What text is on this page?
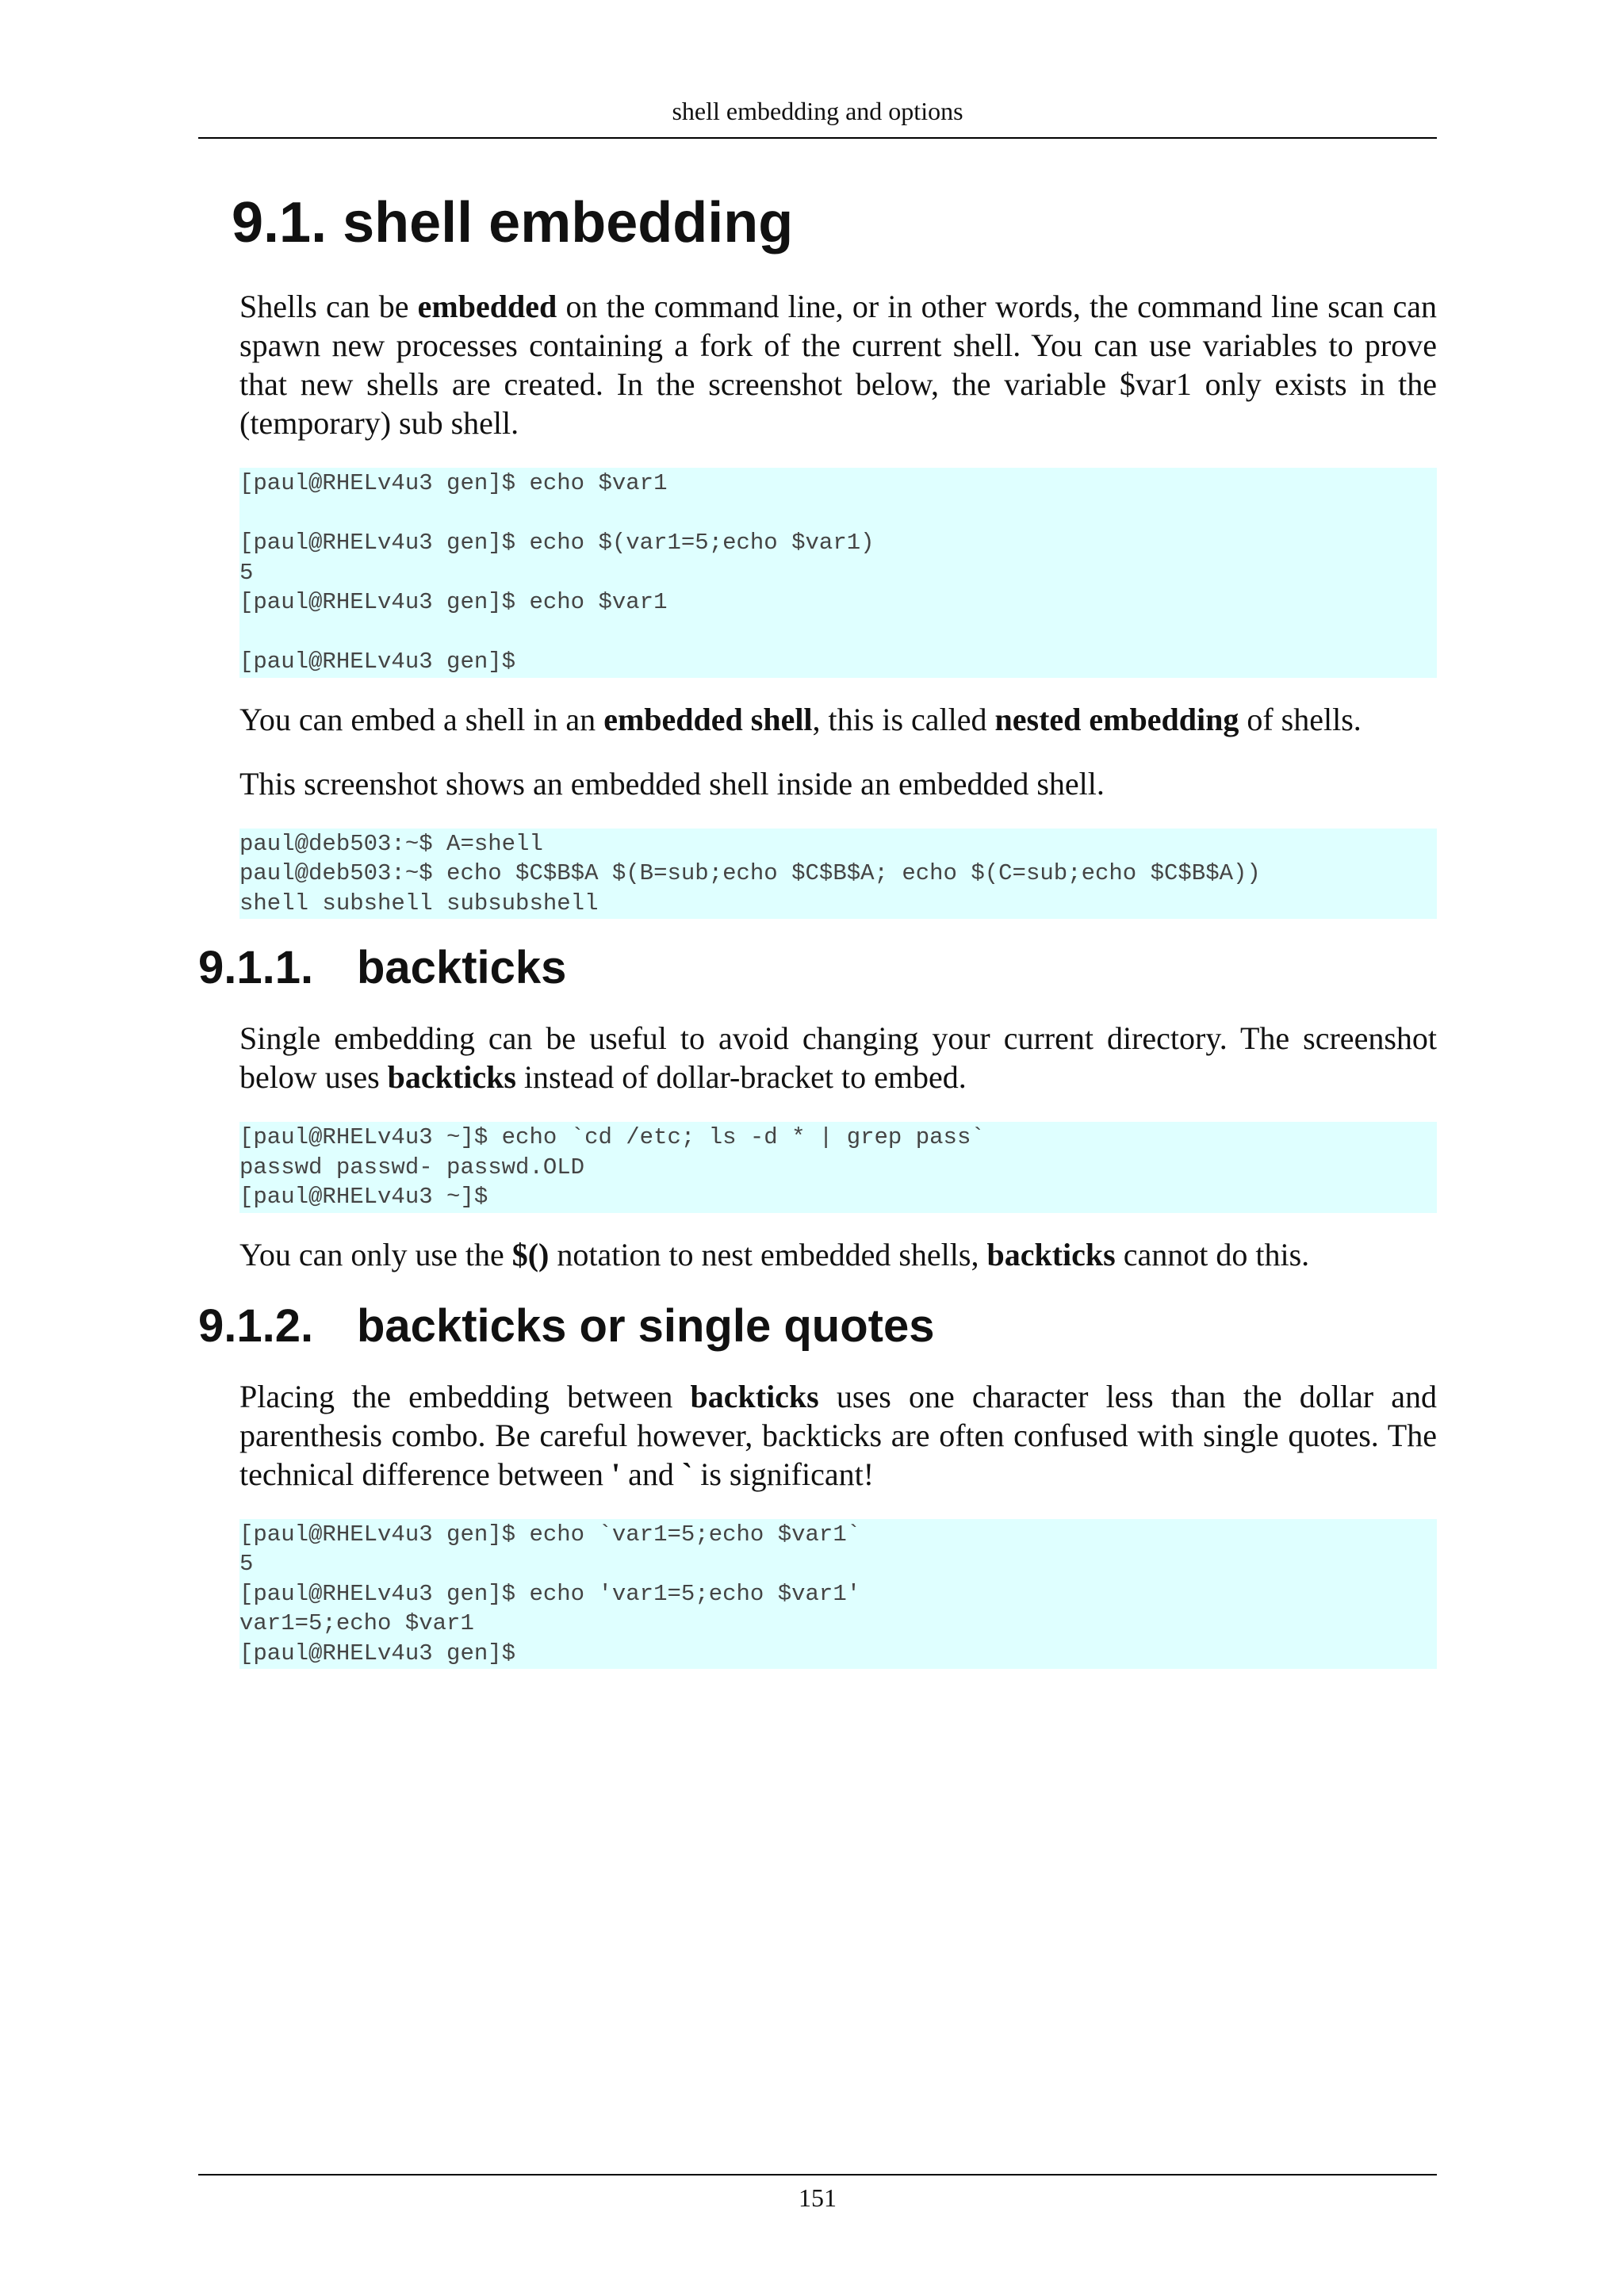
shell embedding and options
9.1. shell embedding

Shells can be embedded on the command line, or in other words, the command line scan can spawn new processes containing a fork of the current shell. You can use variables to prove that new shells are created. In the screenshot below, the variable $var1 only exists in the (temporary) sub shell.

[paul@RHELv4u3 gen]$ echo $var1
[paul@RHELv4u3 gen]$ echo $(var1=5;echo $var1)
5
[paul@RHELv4u3 gen]$ echo $var1
[paul@RHELv4u3 gen]$

You can embed a shell in an embedded shell, this is called nested embedding of shells.

This screenshot shows an embedded shell inside an embedded shell.

paul@deb503:~$ A=shell
paul@deb503:~$ echo $C$B$A $(B=sub;echo $C$B$A; echo $(C=sub;echo $C$B$A))
shell subshell subsubshell
9.1.1. backticks

Single embedding can be useful to avoid changing your current directory. The screenshot below uses backticks instead of dollar-bracket to embed.

[paul@RHELv4u3 ~]$ echo `cd /etc; ls -d * | grep pass`
passwd passwd- passwd.OLD
[paul@RHELv4u3 ~]$

You can only use the $() notation to nest embedded shells, backticks cannot do this.

9.1.2. backticks or single quotes

Placing the embedding between backticks uses one character less than the dollar and parenthesis combo. Be careful however, backticks are often confused with single quotes. The technical difference between ' and ` is significant!

[paul@RHELv4u3 gen]$ echo `var1=5;echo $var1`
5
[paul@RHELv4u3 gen]$ echo 'var1=5;echo $var1'
var1=5;echo $var1
[paul@RHELv4u3 gen]$
151
